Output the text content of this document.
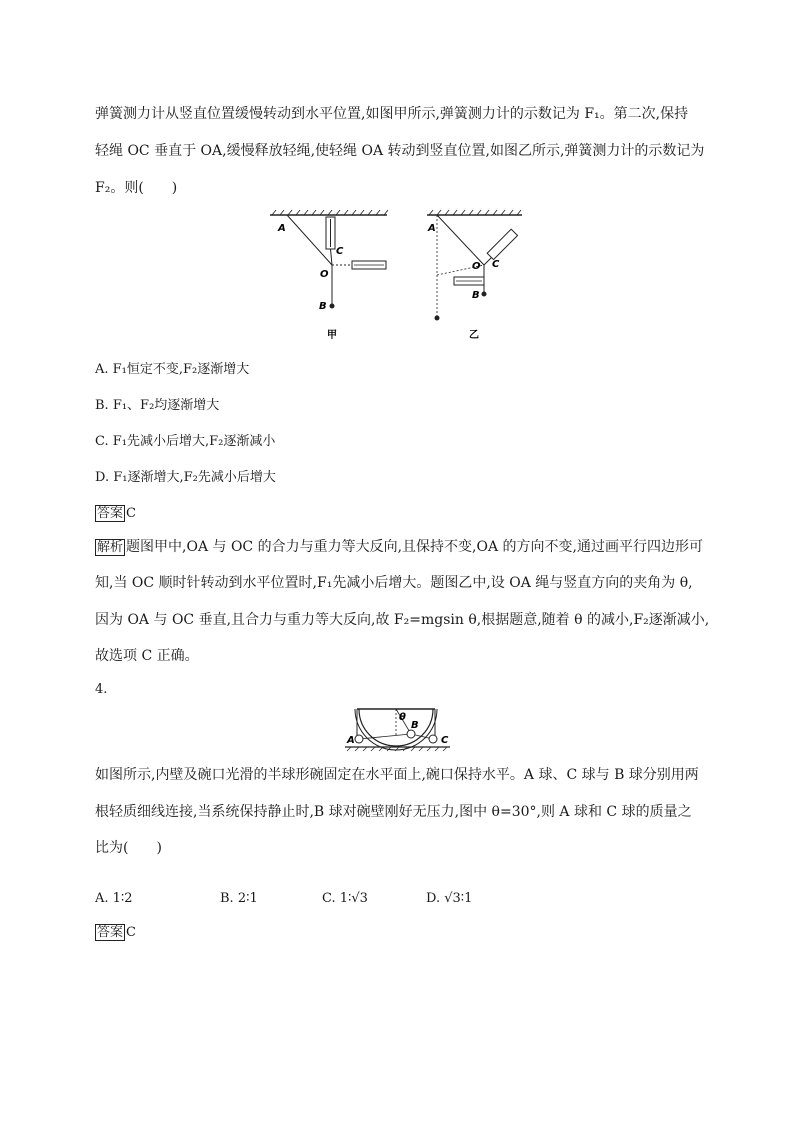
弹簧测力计从竖直位置缓慢转动到水平位置,如图甲所示,弹簧测力计的示数记为 F₁。第二次,保持
轻绳 OC 垂直于 OA,缓慢释放轻绳,使轻绳 OA 转动到竖直位置,如图乙所示,弹簧测力计的示数记为
F₂。则(　　)
A
C
O
B
甲
A
C
O
B
乙
A. F₁恒定不变,F₂逐渐增大
B. F₁、F₂均逐渐增大
C. F₁先减小后增大,F₂逐渐减小
D. F₁逐渐增大,F₂先减小后增大
答案 C
解析 题图甲中,OA 与 OC 的合力与重力等大反向,且保持不变,OA 的方向不变,通过画平行四边形可
知,当 OC 顺时针转动到水平位置时,F₁先减小后增大。题图乙中,设 OA 绳与竖直方向的夹角为 θ,
因为 OA 与 OC 垂直,且合力与重力等大反向,故 F₂=mgsin θ,根据题意,随着 θ 的减小,F₂逐渐减小,
故选项 C 正确。
4.
θ
A
B
C
如图所示,内壁及碗口光滑的半球形碗固定在水平面上,碗口保持水平。A 球、C 球与 B 球分别用两
根轻质细线连接,当系统保持静止时,B 球对碗壁刚好无压力,图中 θ=30°,则 A 球和 C 球的质量之
比为(　　)
A. 1∶2	B. 2∶1	C. 1∶√3	D. √3∶1
答案 C
